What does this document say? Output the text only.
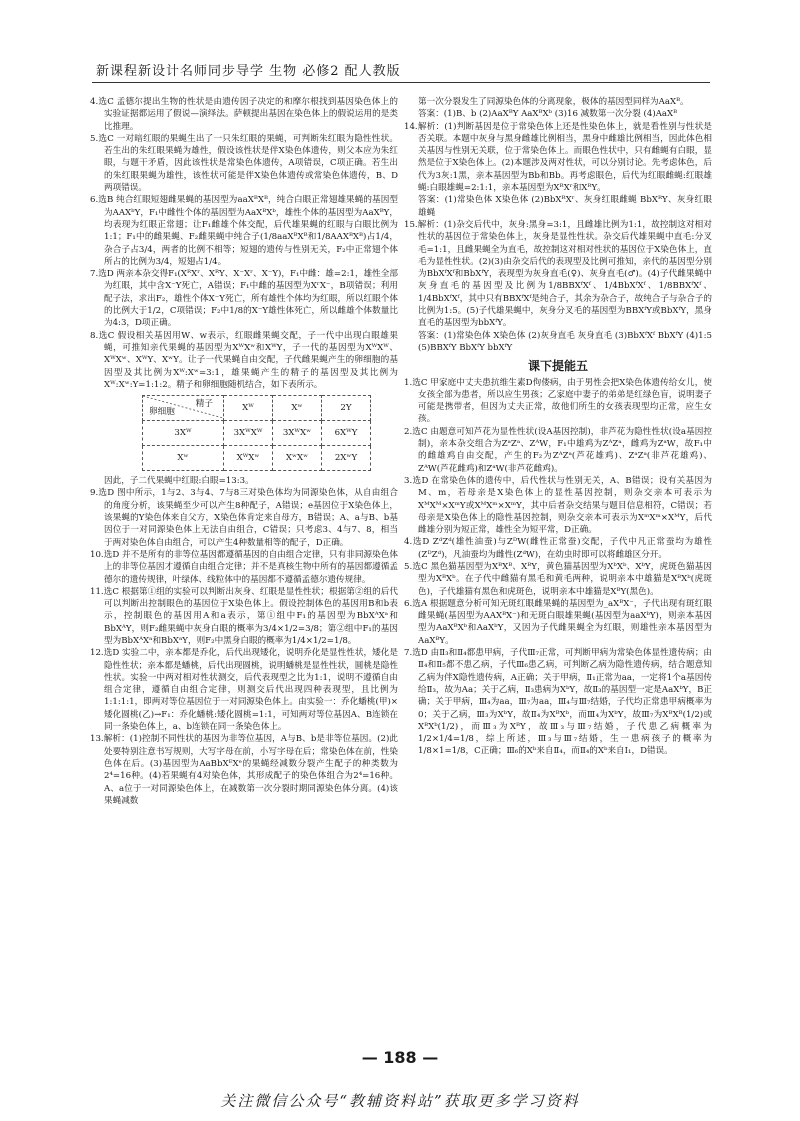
新课程新设计名师同步导学 生物 必修2 配人教版

4.选C 孟德尔提出生物的性状是由遗传因子决定的和摩尔根找到基因染色体上的实验证据都运用了假说—演绎法。萨顿提出基因在染色体上的假说运用的是类比推理。

5.选C 一对暗红眼的果蝇生出了一只朱红眼的果蝇，可判断朱红眼为隐性性状。若生出的朱红眼果蝇为雄性，假设该性状是伴X染色体遗传，则父本应为朱红眼，与题干矛盾，因此该性状是常染色体遗传，A项错误，C项正确。若生出的朱红眼果蝇为雄性，该性状可能是伴X染色体遗传或常染色体遗传，B、D两项错误。

6.选B 纯合红眼短翅雌果蝇的基因型为aaXᴮXᴮ，纯合白眼正常翅雄果蝇的基因型为AAXᵇY，F₁中雌性个体的基因型为AaXᴮXᵇ，雄性个体的基因型为AaXᴮY，均表现为红眼正常翅；让F₁雌雄个体交配，后代雄果蝇的红眼与白眼比例为1:1；F₁中的雌果蝇、F₂雌果蝇中纯合子(1/8aaXᴮXᴮ和1/8AAXᴮXᴮ)占1/4，杂合子占3/4，两者的比例不相等；短翅的遗传与性别无关，F₂中正常翅个体所占的比例为3/4，短翅占1/4。

7.选D 两亲本杂交得F₁(XᴿXʳ、XᴿY、X⁻Xʳ、X⁻Y)，F₁中雌：雄=2:1，雄性全部为红眼，其中含X⁻Y死亡，A错误；F₁中雌的基因型为XʳX⁻，B项错误；利用配子法，求出F₂，雄性个体X⁻Y死亡，所有雄性个体均为红眼，所以红眼个体的比例大于1/2，C项错误；F₂中1/8的X⁻Y雄性体死亡，所以雌雄个体数量比为4:3，D项正确。

8.选C 假设相关基因用W、w表示，红眼雌果蝇交配，子一代中出现白眼雄果蝇，可推知亲代果蝇的基因型为XᵂXʷ和XᵂY，子一代的基因型为XᵂXᵂ、XᵂXʷ、XᵂY、XʷY。让子一代果蝇自由交配，子代雌果蝇产生的卵细胞的基因型及其比例为Xᵂ:Xʷ=3:1，雄果蝇产生的精子的基因型及其比例为Xᵂ:Xʷ:Y=1:1:2。精子和卵细胞随机结合，如下表所示。

精子
卵细胞	Xᵂ	Xʷ	2Y
3Xᵂ	3XᵂXᵂ	3XᵂXʷ	6XᵂY
Xʷ	XᵂXʷ	XʷXʷ	2XʷY

因此，子二代果蝇中红眼:白眼=13:3。

9.选D 图中所示，1与2、3与4、7与8三对染色体均为同源染色体，从自由组合的角度分析，该果蝇至少可以产生8种配子，A错误；e基因位于X染色体上，该果蝇的Y染色体来自父方，X染色体肯定来自母方，B错误；A、a与B、b基因位于一对同源染色体上无法自由组合，C错误；只考虑3、4与7、8，相当于两对染色体自由组合，可以产生4种数量相等的配子，D正确。

10.选D 并不是所有的非等位基因都遵循基因的自由组合定律，只有非同源染色体上的非等位基因才遵循自由组合定律；并不是真核生物中所有的基因都遵循孟德尔的遗传规律，叶绿体、线粒体中的基因都不遵循孟德尔遗传规律。

11.选C 根据第①组的实验可以判断出灰身、红眼是显性性状；根据第②组的后代可以判断出控制眼色的基因位于X染色体上。假设控制体色的基因用B和b表示，控制眼色的基因用A和a表示，第①组中F₁的基因型为BbXᴬXᵃ和BbXᴬY，则F₂雌果蝇中灰身白眼的概率为3/4×1/2=3/8；第②组中F₁的基因型为BbXᴬXᵃ和BbXᵃY，则F₂中黑身白眼的概率为1/4×1/2=1/8。

12.选D 实验二中，亲本都是乔化，后代出现矮化，说明乔化是显性性状，矮化是隐性性状；亲本都是蟠桃，后代出现圆桃，说明蟠桃是显性性状，圆桃是隐性性状。实验一中两对相对性状测交，后代表现型之比为1:1，说明不遵循自由组合定律，遵循自由组合定律，则测交后代出现四种表现型，且比例为1:1:1:1，即两对等位基因位于一对同源染色体上。由实验一：乔化蟠桃(甲)×矮化圆桃(乙)→F₁：乔化蟠桃:矮化圆桃=1:1，可知两对等位基因A、B连锁在同一条染色体上，a、b连锁在同一条染色体上。

13.解析：(1)控制不同性状的基因为非等位基因，A与B、b是非等位基因。(2)此处要特别注意书写规则，大写字母在前，小写字母在后；常染色体在前，性染色体在后。(3)基因型为AaBbXᴱXᵉ的果蝇经减数分裂产生配子的种类数为2⁴=16种。(4)若果蝇有4对染色体，其形成配子的染色体组合为2⁴=16种。A、a位于一对同源染色体上，在减数第一次分裂时期同源染色体分离。(4)该果蝇减数

第一次分裂发生了同源染色体的分离现象，极体的基因型同样为AaXᴮ。

答案：(1)B、b (2)AaXᴮY AaXᴮXᵇ (3)16 减数第一次分裂 (4)AaXᴮ

14.解析：(1)判断基因是位于常染色体上还是性染色体上，就是看性别与性状是否关联。本题中灰身与黑身雌雄比例相当，黑身中雌雄比例相当，因此体色相关基因与性别无关联，位于常染色体上。而眼色性状中，只有雌蝇有白眼，显然是位于X染色体上。(2)本题涉及两对性状，可以分别讨论。先考虑体色，后代为3灰:1黑，亲本基因型为Bb和Bb。再考虑眼色，后代为红眼雌蝇:红眼雄蝇:白眼雄蝇=2:1:1，亲本基因型为XᴿXʳ和XᴿY。

答案：(1)常染色体 X染色体 (2)BbXᴿXʳ、灰身红眼雌蝇 BbXᴿY、灰身红眼雄蝇

15.解析：(1)杂交后代中，灰身:黑身=3:1，且雌雄比例为1:1，故控制这对相对性状的基因位于常染色体上，灰身是显性性状。杂交后代雄果蝇中直毛:分叉毛=1:1，且雌果蝇全为直毛，故控制这对相对性状的基因位于X染色体上，直毛为显性性状。(2)(3)由杂交后代的表现型及比例可推知，亲代的基因型分别为BbXᶠXᶠ和BbXᶠY，表现型为灰身直毛(♀)、灰身直毛(♂)。(4)子代雌果蝇中灰身直毛的基因型及比例为1/8BBXᶠXᶠ、1/4BbXᶠXᶠ、1/8BBXᶠXᶠ、1/4BbXᶠXᶠ，其中只有BBXᶠXᶠ是纯合子，其余为杂合子，故纯合子与杂合子的比例为1:5。(5)子代雄果蝇中，灰身分叉毛的基因型为BBXᶠY或BbXᶠY，黑身直毛的基因型为bbXᶠY。

答案：(1)常染色体 X染色体 (2)灰身直毛 灰身直毛 (3)BbXᶠXᶠ BbXᶠY (4)1:5 (5)BBXᶠY BbXᶠY bbXᶠY

课下提能五

1.选C 甲家庭中丈夫患抗维生素D佝偻病，由于男性会把X染色体遗传给女儿，使女孩全部为患者，所以应生男孩；乙家庭中妻子的弟弟是红绿色盲，说明妻子可能是携带者，但因为丈夫正常，故他们所生的女孩表现型均正常，应生女孩。

2.选C 由题意可知芦花为显性性状(设A基因控制)，非芦花为隐性性状(设a基因控制)，亲本杂交组合为ZᵃZᵃ、ZᴬW，F₁中雄鸡为ZᴬZᵃ，雌鸡为ZᵃW，故F₁中的雌雄鸡自由交配，产生的F₂为ZᴬZᵃ(芦花雄鸡)、ZᵃZᵃ(非芦花雄鸡)、ZᴬW(芦花雌鸡)和ZᵃW(非芦花雌鸡)。

3.选D 在常染色体的遗传中，后代性状与性别无关，A、B错误；设有关基因为M、m，若母亲是X染色体上的显性基因控制，则杂交亲本可表示为XᴹXᴹ×XᵐY或XᴹXᵐ×XᵐY，其中后者杂交结果与题目信息相符，C错误；若母亲是X染色体上的隐性基因控制，则杂交亲本可表示为XᵐXᵐ×XᴹY，后代雌雄分别为短正常，雄性全为短平常，D正确。

4.选D ZᵈZᵈ(雄性油蚕)与ZᴰW(雌性正常蚕)交配，子代中凡正常蚕均为雄性(ZᴰZᵈ)，凡油蚕均为雌性(ZᵈW)，在幼虫时即可以将雌雄区分开。

5.选C 黑色猫基因型为XᴮXᴮ、XᴮY，黄色猫基因型为XᵇXᵇ、XᵇY，虎斑色猫基因型为XᴮXᵇ。在子代中雌猫有黑毛和黄毛两种，说明亲本中雄猫是XᴮXᵇ(虎斑色)，子代雄猫有黑色和虎斑色，说明亲本中雄猫是XᴮY(黑色)。

6.选A 根据题意分析可知无斑红眼雌果蝇的基因型为_aXᴮX⁻，子代出现有斑红眼雌果蝇(基因型为AAXᴮX⁻)和无斑白眼雄果蝇(基因型为aaXᵇY)，则亲本基因型为AaXᴮXᵇ和AaXᵇY，又因为子代雌果蝇全为红眼，则雄性亲本基因型为AaXᴮY。

7.选D 由Ⅱ₃和Ⅱ₄都患甲病，子代Ⅲ₇正常，可判断甲病为常染色体显性遗传病；由Ⅱ₄和Ⅱ₅都不患乙病，子代Ⅲ₆患乙病，可判断乙病为隐性遗传病，结合题意知乙病为伴X隐性遗传病，A正确；关于甲病，Ⅱ₁正常为aa，一定将1个a基因传给Ⅱ₃，故为Aa；关于乙病，Ⅱ₃患病为XᵇY，故Ⅱ₃的基因型一定是AaXᵇY，B正确；关于甲病，Ⅲ₄为aa，Ⅲ₇为aa，Ⅲ₄与Ⅲ₇结婚，子代均正常患甲病概率为0；关于乙病，Ⅲ₃为XᵇY，故Ⅱ₄为XᴮXᵇ，而Ⅲ₄为XᵇY，故Ⅲ₇为XᴮXᴮ(1/2)或XᴮXᵇ(1/2)，而Ⅲ₃为XᴮY，故Ⅲ₃与Ⅲ₇结婚，子代患乙病概率为1/2×1/4=1/8，综上所述，Ⅲ₃与Ⅲ₇结婚，生一患病孩子的概率为1/8×1=1/8，C正确；Ⅲ₆的Xᵇ来自Ⅱ₄，而Ⅱ₄的Xᵇ来自Ⅰ₁，D错误。

— 188 —
关注微信公众号“教辅资料站”获取更多学习资料
